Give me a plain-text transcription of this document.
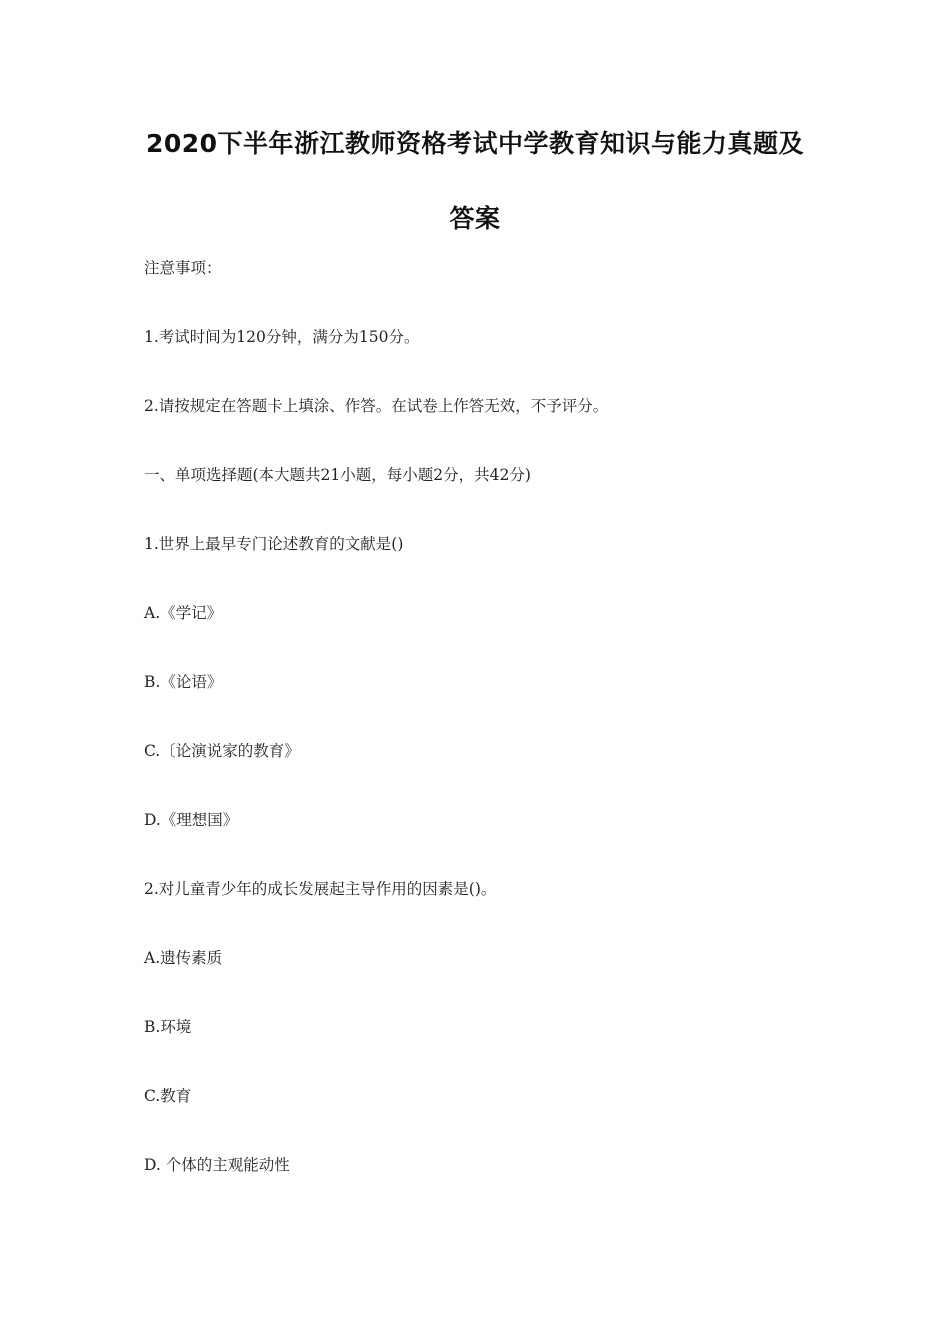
2020下半年浙江教师资格考试中学教育知识与能力真题及
答案
注意事项：
1.考试时间为120分钟，满分为150分。
2.请按规定在答题卡上填涂、作答。在试卷上作答无效，不予评分。
一、单项选择题(本大题共21小题，每小题2分，共42分)
1.世界上最早专门论述教育的文献是()
A.《学记》
B.《论语》
C.〔论演说家的教育》
D.《理想国》
2.对儿童青少年的成长发展起主导作用的因素是()。
A.遗传素质
B.环境
C.教育
D. 个体的主观能动性
